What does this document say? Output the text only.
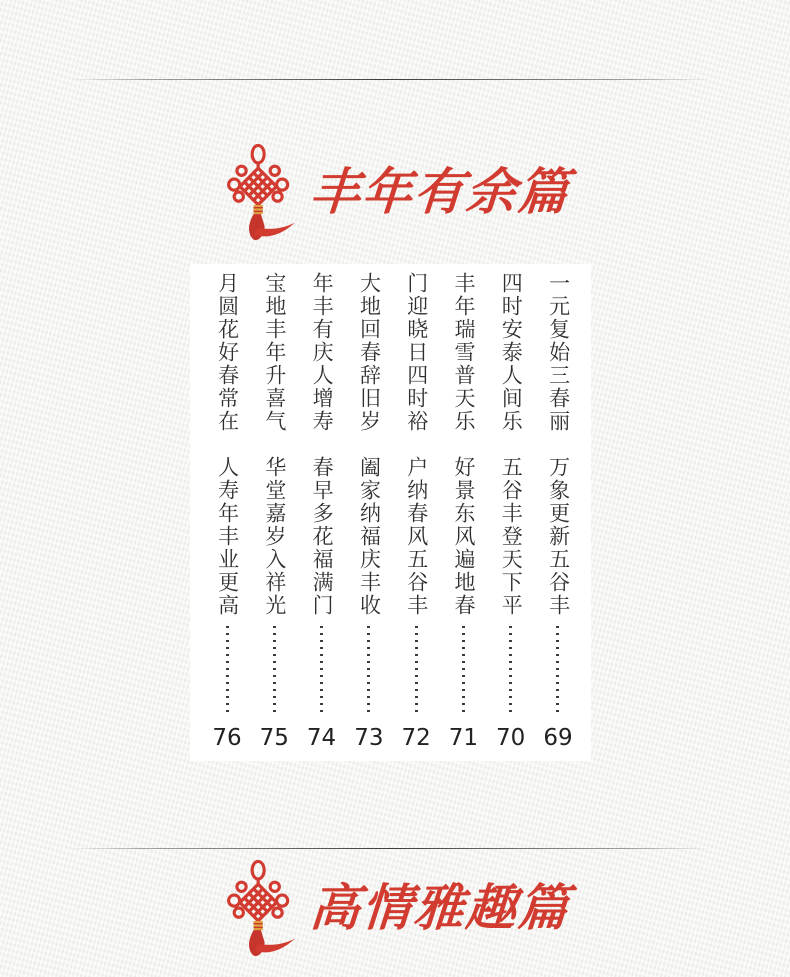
丰年有余篇
一元复始三春丽
万象更新五谷丰
69
四时安泰人间乐
五谷丰登天下平
70
丰年瑞雪普天乐
好景东风遍地春
71
门迎晓日四时裕
户纳春风五谷丰
72
大地回春辞旧岁
阖家纳福庆丰收
73
年丰有庆人增寿
春早多花福满门
74
宝地丰年升喜气
华堂嘉岁入祥光
75
月圆花好春常在
人寿年丰业更高
76
高情雅趣篇
